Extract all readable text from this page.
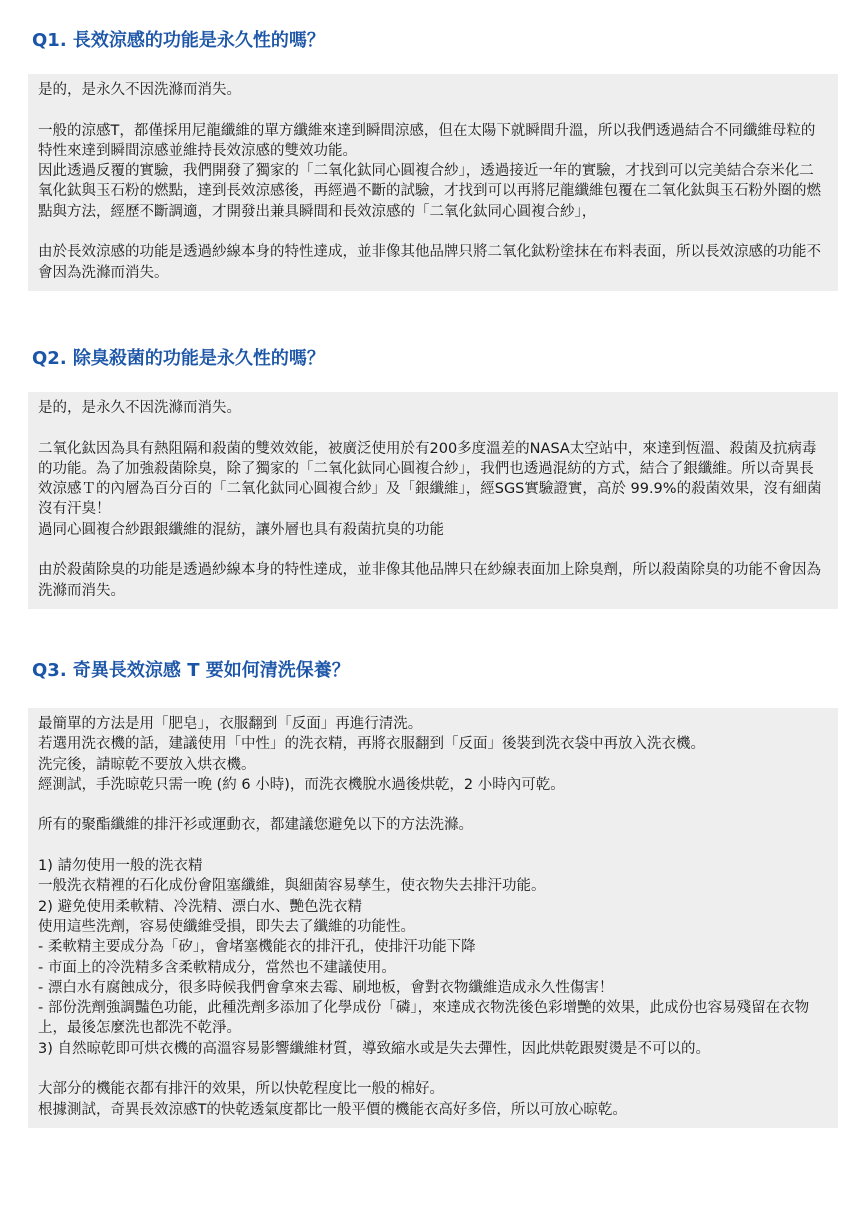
Q1. 長效涼感的功能是永久性的嗎？

是的，是永久不因洗滌而消失。

一般的涼感T，都僅採用尼龍纖維的單方纖維來達到瞬間涼感，但在太陽下就瞬間升溫，所以我們透過結合不同纖維母粒的特性來達到瞬間涼感並維持長效涼感的雙效功能。

因此透過反覆的實驗，我們開發了獨家的「二氧化鈦同心圓複合紗」，透過接近一年的實驗，才找到可以完美結合奈米化二氧化鈦與玉石粉的燃點，達到長效涼感後，再經過不斷的試驗，才找到可以再將尼龍纖維包覆在二氧化鈦與玉石粉外圈的燃點與方法，經歷不斷調適，才開發出兼具瞬間和長效涼感的「二氧化鈦同心圓複合紗」，

由於長效涼感的功能是透過紗線本身的特性達成，並非像其他品牌只將二氧化鈦粉塗抹在布料表面，所以長效涼感的功能不會因為洗滌而消失。

Q2. 除臭殺菌的功能是永久性的嗎？

是的，是永久不因洗滌而消失。

二氧化鈦因為具有熱阻隔和殺菌的雙效效能，被廣泛使用於有200多度溫差的NASA太空站中，來達到恆溫、殺菌及抗病毒的功能。為了加強殺菌除臭，除了獨家的「二氧化鈦同心圓複合紗」，我們也透過混紡的方式，結合了銀纖維。所以奇異長效涼感Ｔ的內層為百分百的「二氧化鈦同心圓複合紗」及「銀纖維」，經SGS實驗證實，高於 99.9%的殺菌效果，沒有細菌沒有汗臭！

過同心圓複合紗跟銀纖維的混紡，讓外層也具有殺菌抗臭的功能

由於殺菌除臭的功能是透過紗線本身的特性達成，並非像其他品牌只在紗線表面加上除臭劑，所以殺菌除臭的功能不會因為洗滌而消失。

Q3. 奇異長效涼感 T 要如何清洗保養？

最簡單的方法是用「肥皂」，衣服翻到「反面」再進行清洗。

若選用洗衣機的話，建議使用「中性」的洗衣精，再將衣服翻到「反面」後裝到洗衣袋中再放入洗衣機。

洗完後，請晾乾不要放入烘衣機。

經測試，手洗晾乾只需一晚 (約 6 小時)，而洗衣機脫水過後烘乾，2 小時內可乾。

所有的聚酯纖維的排汗衫或運動衣，都建議您避免以下的方法洗滌。

1) 請勿使用一般的洗衣精

一般洗衣精裡的石化成份會阻塞纖維，與細菌容易孳生，使衣物失去排汗功能。

2) 避免使用柔軟精、冷洗精、漂白水、艷色洗衣精

使用這些洗劑，容易使纖維受損，即失去了纖維的功能性。

- 柔軟精主要成分為「矽」，會堵塞機能衣的排汗孔，使排汗功能下降

- 市面上的冷洗精多含柔軟精成分，當然也不建議使用。

- 漂白水有腐蝕成分，很多時候我們會拿來去霉、刷地板，會對衣物纖維造成永久性傷害！

- 部份洗劑強調豔色功能，此種洗劑多添加了化學成份「磷」，來達成衣物洗後色彩增艷的效果，此成份也容易殘留在衣物上，最後怎麼洗也都洗不乾淨。

3) 自然晾乾即可烘衣機的高溫容易影響纖維材質，導致縮水或是失去彈性，因此烘乾跟熨燙是不可以的。

大部分的機能衣都有排汗的效果，所以快乾程度比一般的棉好。

根據測試，奇異長效涼感T的快乾透氣度都比一般平價的機能衣高好多倍，所以可放心晾乾。
